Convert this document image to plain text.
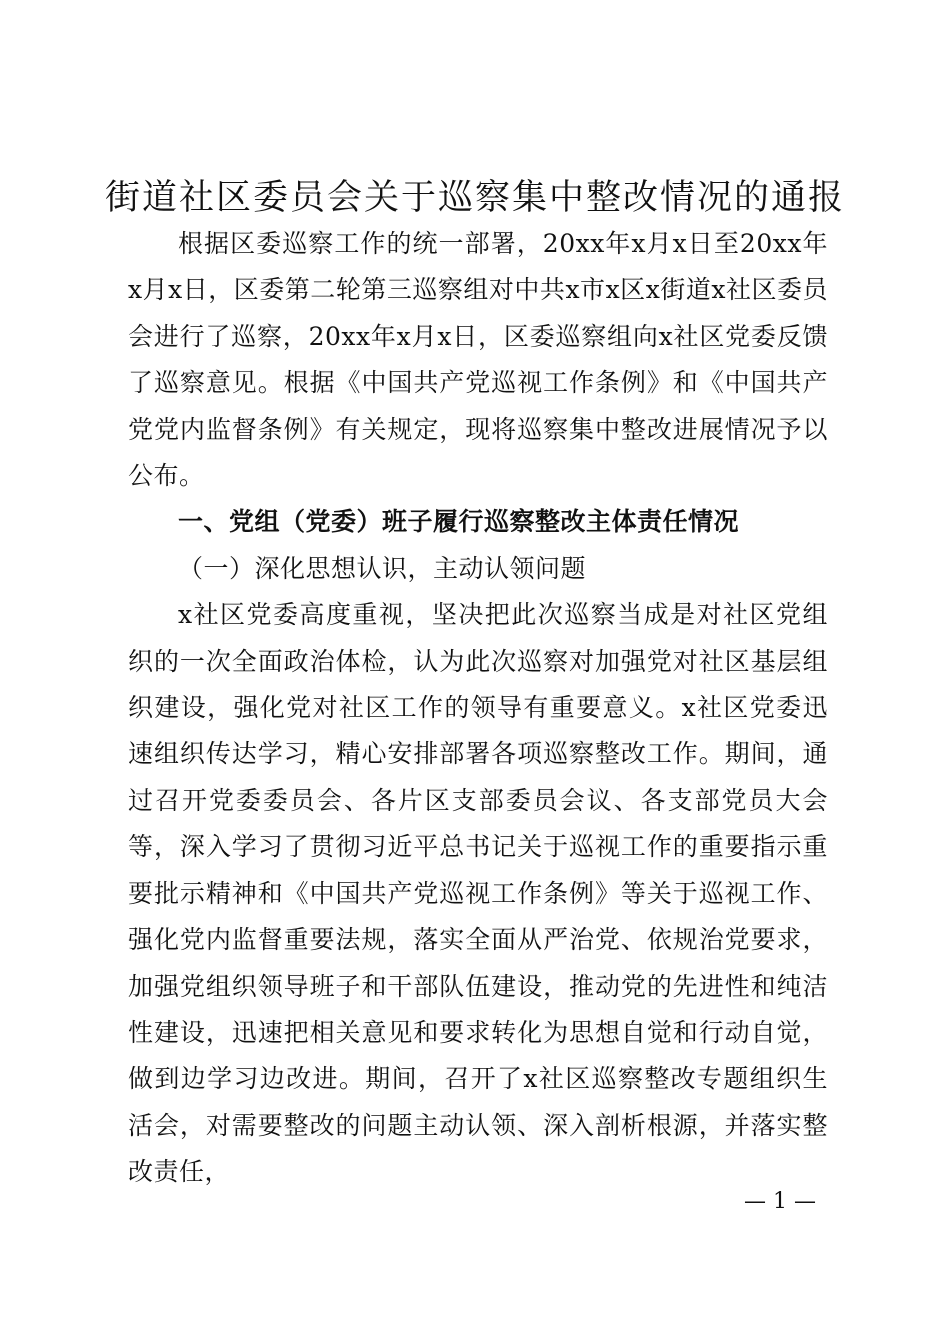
街道社区委员会关于巡察集中整改情况的通报

根据区委巡察工作的统一部署，20xx年x月x日至20xx年x月x日，区委第二轮第三巡察组对中共x市x区x街道x社区委员会进行了巡察，20xx年x月x日，区委巡察组向x社区党委反馈了巡察意见。根据《中国共产党巡视工作条例》和《中国共产党党内监督条例》有关规定，现将巡察集中整改进展情况予以公布。

一、党组（党委）班子履行巡察整改主体责任情况
（一）深化思想认识，主动认领问题

x社区党委高度重视，坚决把此次巡察当成是对社区党组织的一次全面政治体检，认为此次巡察对加强党对社区基层组织建设，强化党对社区工作的领导有重要意义。x社区党委迅速组织传达学习，精心安排部署各项巡察整改工作。期间，通过召开党委委员会、各片区支部委员会议、各支部党员大会等，深入学习了贯彻习近平总书记关于巡视工作的重要指示重要批示精神和《中国共产党巡视工作条例》等关于巡视工作、强化党内监督重要法规，落实全面从严治党、依规治党要求，加强党组织领导班子和干部队伍建设，推动党的先进性和纯洁性建设，迅速把相关意见和要求转化为思想自觉和行动自觉，做到边学习边改进。期间，召开了x社区巡察整改专题组织生活会，对需要整改的问题主动认领、深入剖析根源，并落实整改责任，

— 1 —
